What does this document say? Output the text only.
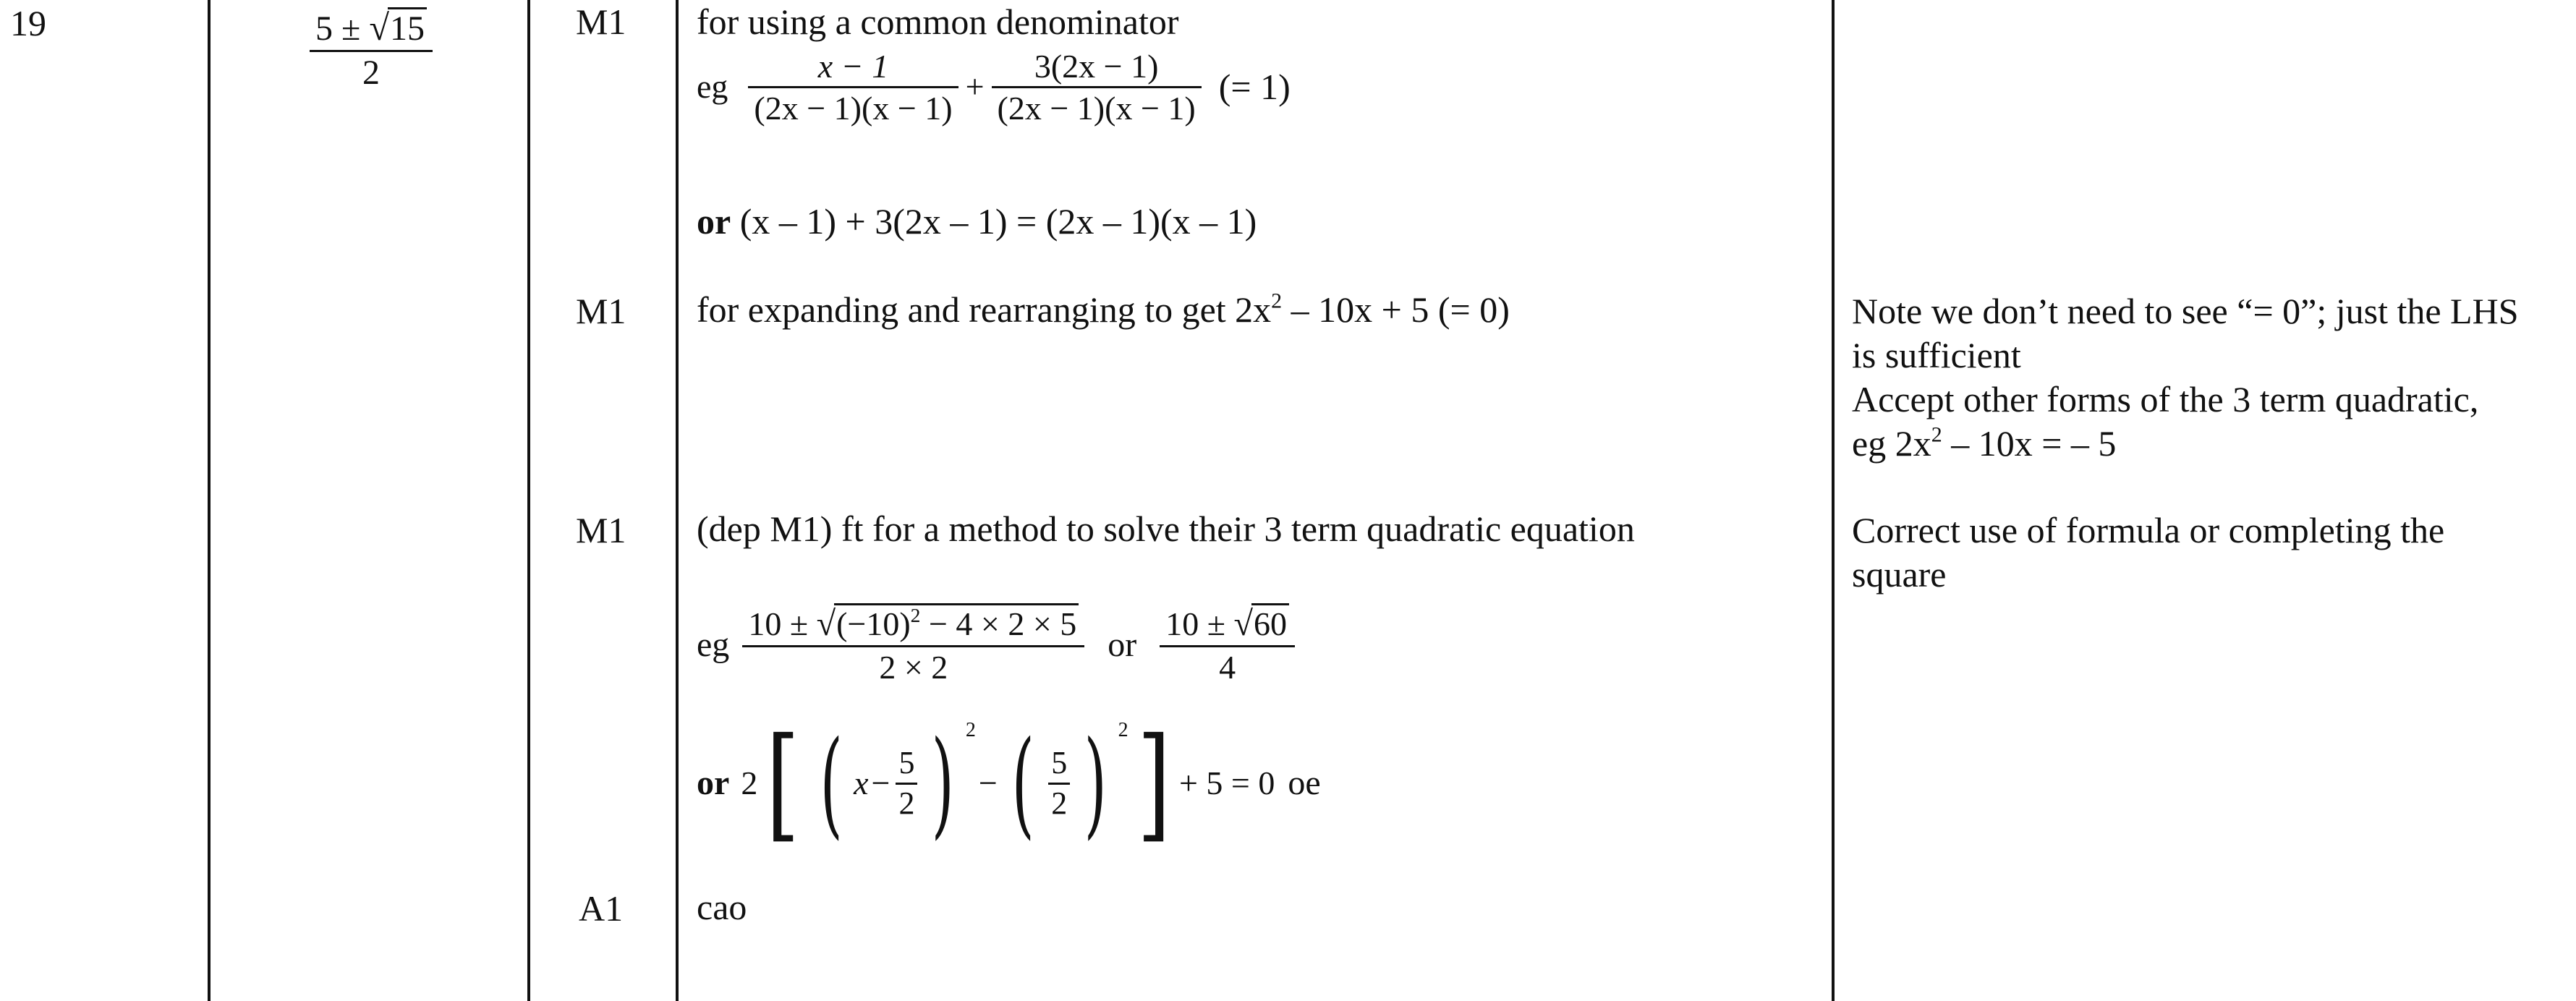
19	$\frac{5 \pm √15}{2}$	M1 for using a common denominator
eg $\frac{x - 1}{(2x - 1)(x - 1)} + \frac{3(2x - 1)}{(2x - 1)(x - 1)}$ (= 1)
or (x – 1) + 3(2x – 1) = (2x – 1)(x – 1)
M1 for expanding and rearranging to get $2x^2 - 10x + 5$ (= 0)	Note we don’t need to see “= 0”; just the LHS
is sufficient
Accept other forms of the 3 term quadratic,
eg $2x^2 - 10x$ = – 5
M1 (dep M1) ft for a method to solve their 3 term quadratic equation	Correct use of formula or completing the
square
eg $\frac{10 \pm √(-10)^2 - 4 \times 2 \times 5}{2 \times 2}$ or $\frac{10 \pm √60}{4}$
or 2 [ ( $x - \frac{5}{2}$ ) 2
− ( $\frac{5}{2}$ ) 2 ] + 5 = 0 oe
A1 cao
